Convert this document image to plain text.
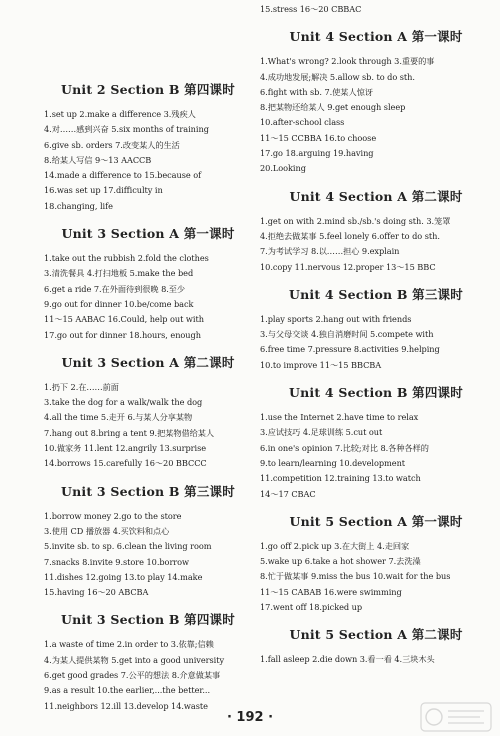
Unit 2 Section B 第四课时
1.set up 2.make a difference 3.残疾人
4.对……感到兴奋 5.six months of training
6.give sb. orders 7.改变某人的生活
8.给某人写信 9～13 AACCB
14.made a difference to 15.because of
16.was set up 17.difficulty in
18.changing, life
Unit 3 Section A 第一课时
1.take out the rubbish 2.fold the clothes
3.清洗餐具 4.打扫地板 5.make the bed
6.get a ride 7.在外面待到很晚 8.至少
9.go out for dinner 10.be/come back
11～15 AABAC 16.Could, help out with
17.go out for dinner 18.hours, enough
Unit 3 Section A 第二课时
1.扔下 2.在……前面
3.take the dog for a walk/walk the dog
4.all the time 5.走开 6.与某人分享某物
7.hang out 8.bring a tent 9.把某物借给某人
10.做家务 11.lent 12.angrily 13.surprise
14.borrows 15.carefully 16～20 BBCCC
Unit 3 Section B 第三课时
1.borrow money 2.go to the store
3.使用 CD 播放器 4.买饮料和点心
5.invite sb. to sp. 6.clean the living room
7.snacks 8.invite 9.store 10.borrow
11.dishes 12.going 13.to play 14.make
15.having 16～20 ABCBA
Unit 3 Section B 第四课时
1.a waste of time 2.in order to 3.依靠;信赖
4.为某人提供某物 5.get into a good university
6.get good grades 7.公平的想法 8.介意做某事
9.as a result 10.the earlier,...the better...
11.neighbors 12.ill 13.develop 14.waste
15.stress 16～20 CBBAC
Unit 4 Section A 第一课时
1.What's wrong? 2.look through 3.重要的事
4.成功地发展;解决 5.allow sb. to do sth.
6.fight with sb. 7.使某人惊讶
8.把某物还给某人 9.get enough sleep
10.after-school class
11～15 CCBBA 16.to choose
17.go 18.arguing 19.having
20.Looking
Unit 4 Section A 第二课时
1.get on with 2.mind sb./sb.'s doing sth. 3.笼罩
4.拒绝去做某事 5.feel lonely 6.offer to do sth.
7.为考试学习 8.以……担心 9.explain
10.copy 11.nervous 12.proper 13～15 BBC
Unit 4 Section B 第三课时
1.play sports 2.hang out with friends
3.与父母交谈 4.独自消磨时间 5.compete with
6.free time 7.pressure 8.activities 9.helping
10.to improve 11～15 BBCBA
Unit 4 Section B 第四课时
1.use the Internet 2.have time to relax
3.应试技巧 4.足球训练 5.cut out
6.in one's opinion 7.比较;对比 8.各种各样的
9.to learn/learning 10.development
11.competition 12.training 13.to watch
14～17 CBAC
Unit 5 Section A 第一课时
1.go off 2.pick up 3.在大街上 4.走回家
5.wake up 6.take a hot shower 7.去洗澡
8.忙于做某事 9.miss the bus 10.wait for the bus
11～15 CABAB 16.were swimming
17.went off 18.picked up
Unit 5 Section A 第二课时
1.fall asleep 2.die down 3.看一看 4.三块木头
· 192 ·
